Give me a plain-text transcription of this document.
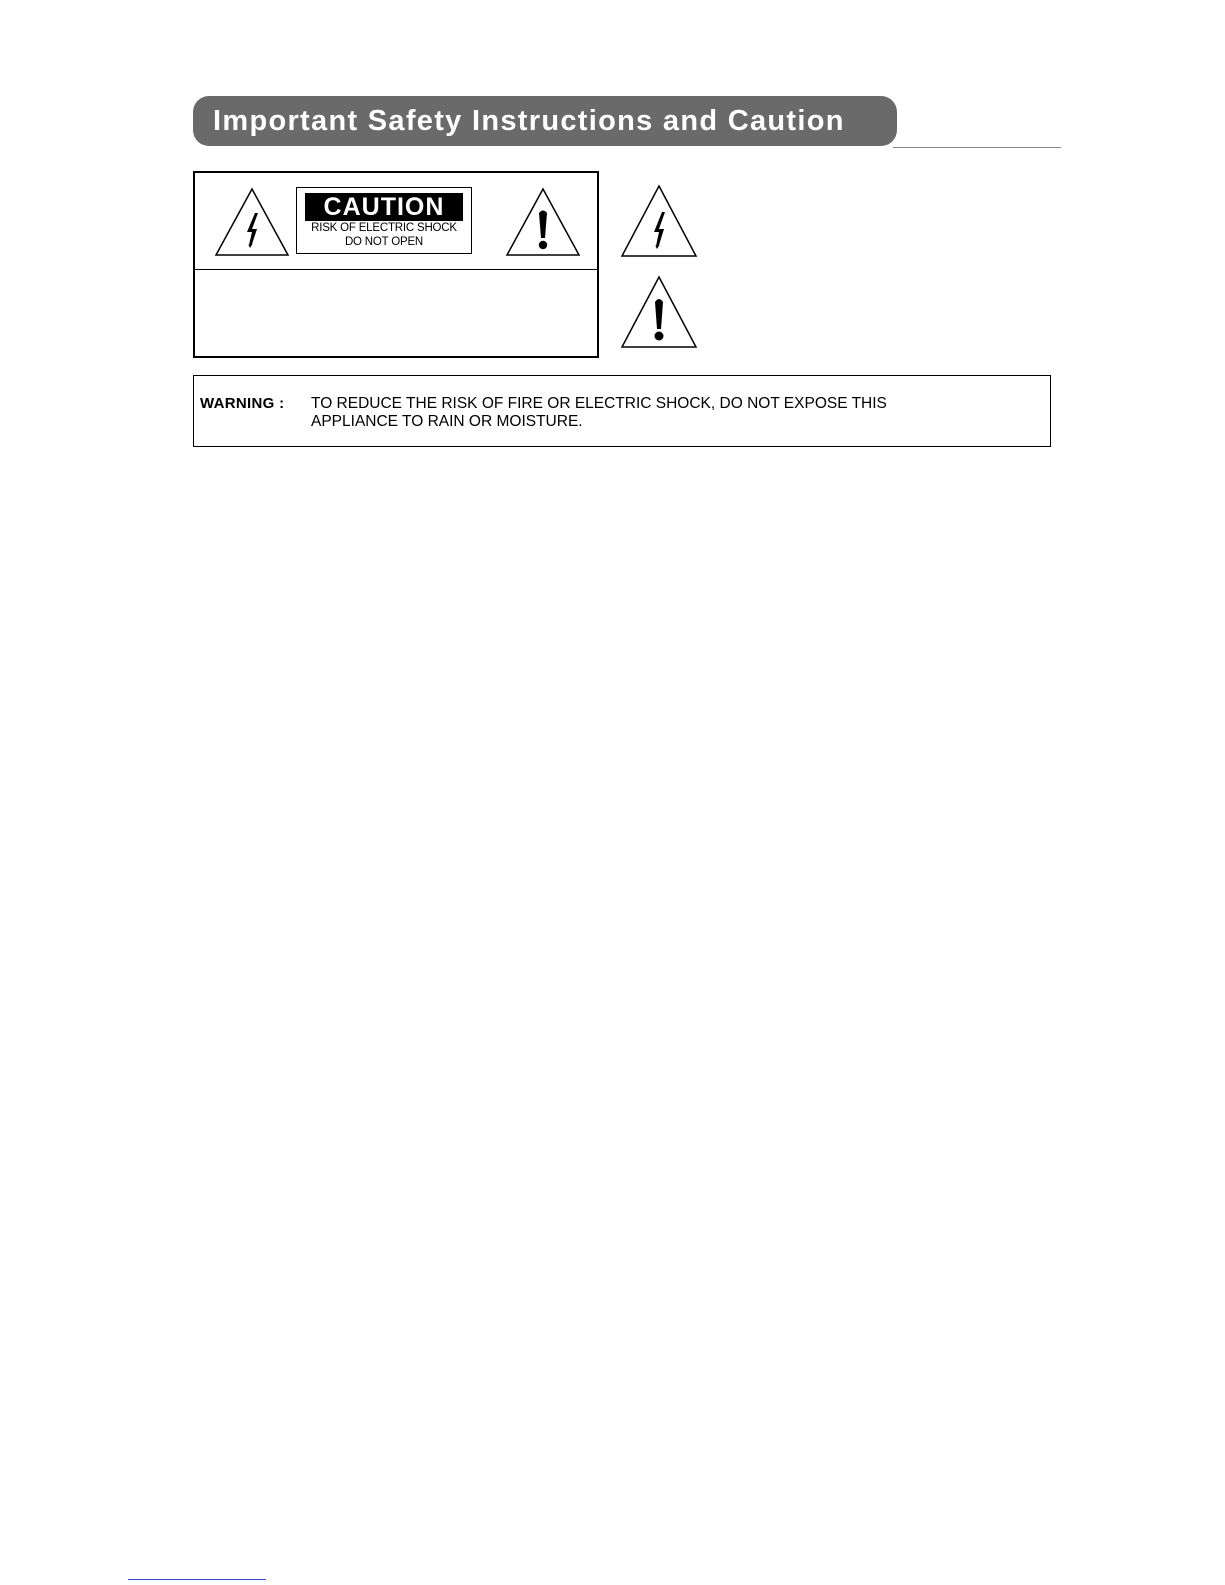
Important Safety Instructions and Caution
CAUTION
RISK OF ELECTRIC SHOCK
DO NOT OPEN
WARNING : TO REDUCE THE RISK OF FIRE OR ELECTRIC SHOCK, DO NOT EXPOSE THIS
APPLIANCE TO RAIN OR MOISTURE.
